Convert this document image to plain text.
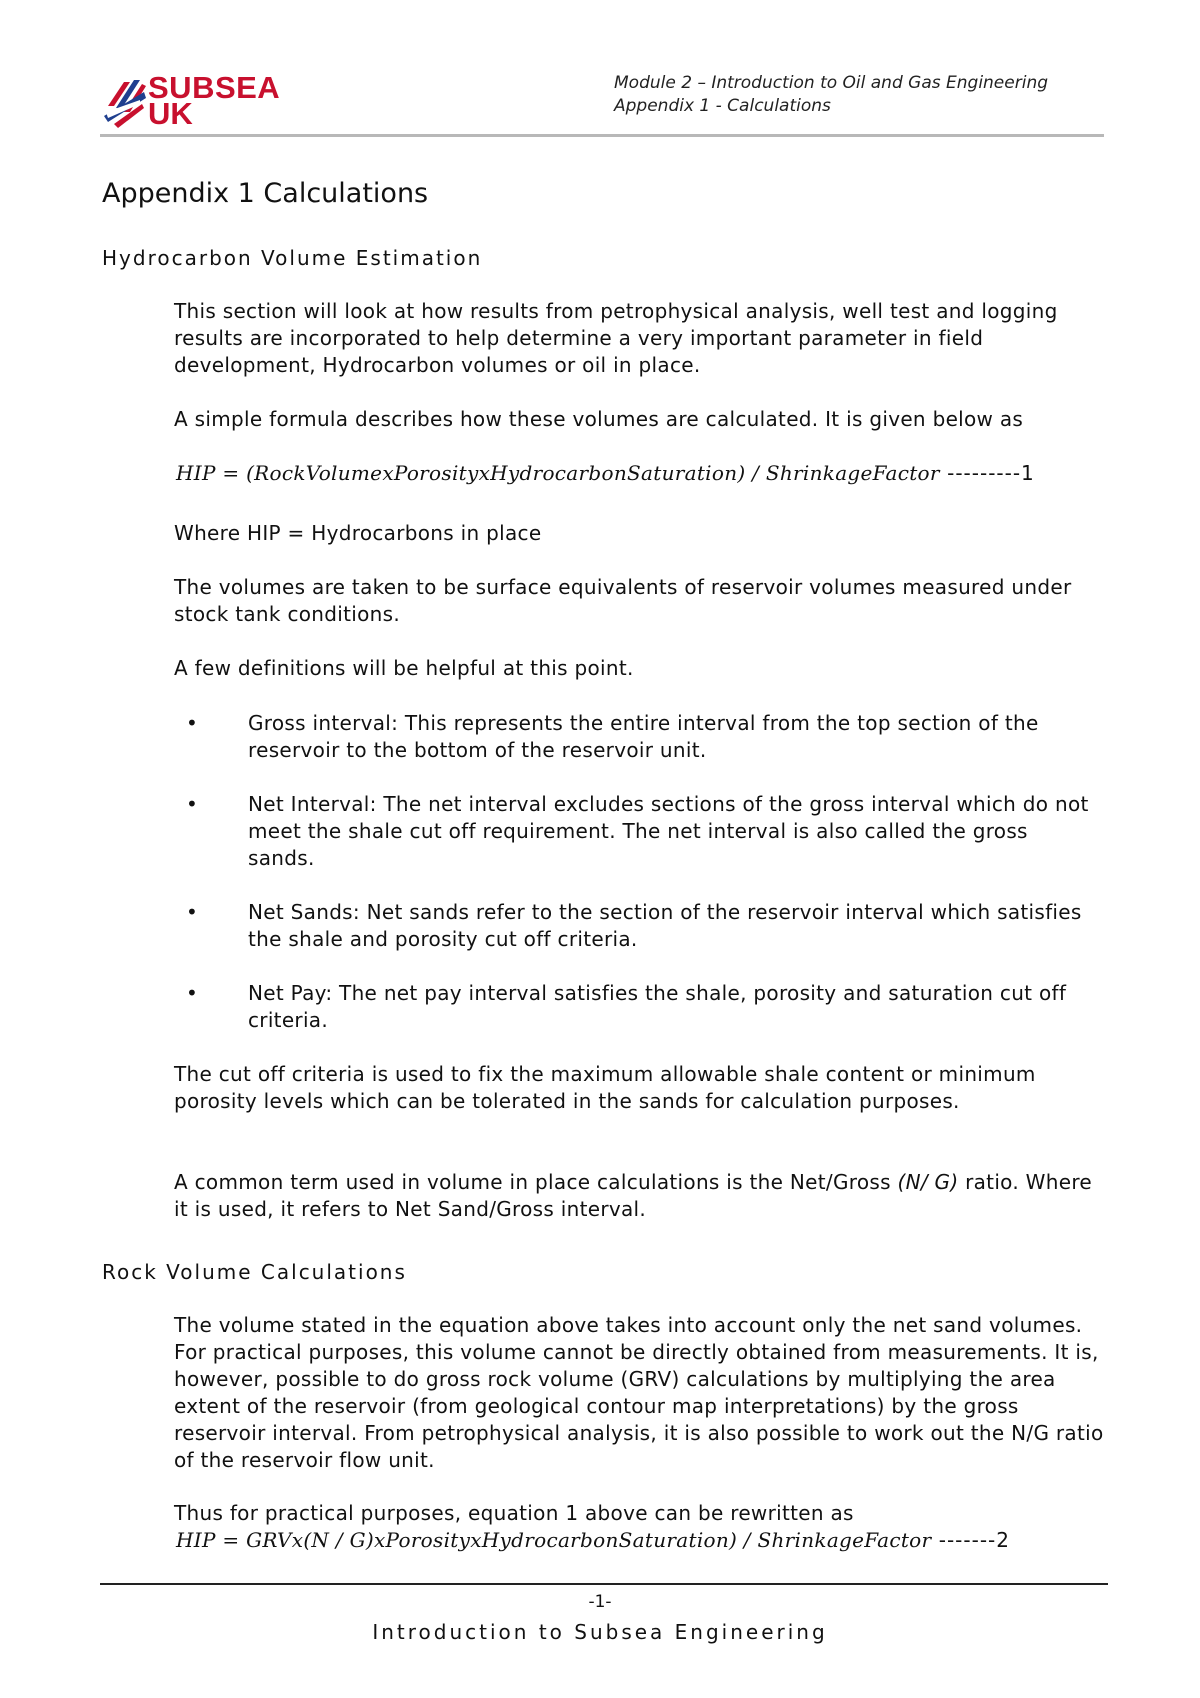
SUBSEA
UK
Module 2 – Introduction to Oil and Gas Engineering
Appendix 1 - Calculations
Appendix 1 Calculations
Hydrocarbon Volume Estimation

This section will look at how results from petrophysical analysis, well test and logging results are incorporated to help determine a very important parameter in field development, Hydrocarbon volumes or oil in place.

A simple formula describes how these volumes are calculated. It is given below as

HIP = (RockVolumexPorosityxHydrocarbonSaturation) / ShrinkageFactor ---------1

Where HIP = Hydrocarbons in place

The volumes are taken to be surface equivalents of reservoir volumes measured under stock tank conditions.

A few definitions will be helpful at this point.

•	Gross interval: This represents the entire interval from the top section of the reservoir to the bottom of the reservoir unit.

•	Net Interval: The net interval excludes sections of the gross interval which do not meet the shale cut off requirement. The net interval is also called the gross sands.

•	Net Sands: Net sands refer to the section of the reservoir interval which satisfies the shale and porosity cut off criteria.

•	Net Pay: The net pay interval satisfies the shale, porosity and saturation cut off criteria.

The cut off criteria is used to fix the maximum allowable shale content or minimum porosity levels which can be tolerated in the sands for calculation purposes.

A common term used in volume in place calculations is the Net/Gross (N/ G) ratio. Where it is used, it refers to Net Sand/Gross interval.

Rock Volume Calculations

The volume stated in the equation above takes into account only the net sand volumes. For practical purposes, this volume cannot be directly obtained from measurements. It is, however, possible to do gross rock volume (GRV) calculations by multiplying the area extent of the reservoir (from geological contour map interpretations) by the gross reservoir interval. From petrophysical analysis, it is also possible to work out the N/G ratio of the reservoir flow unit.

Thus for practical purposes, equation 1 above can be rewritten as

HIP = GRVx(N / G)xPorosityxHydrocarbonSaturation) / ShrinkageFactor -------2
-1-
Introduction to Subsea Engineering
